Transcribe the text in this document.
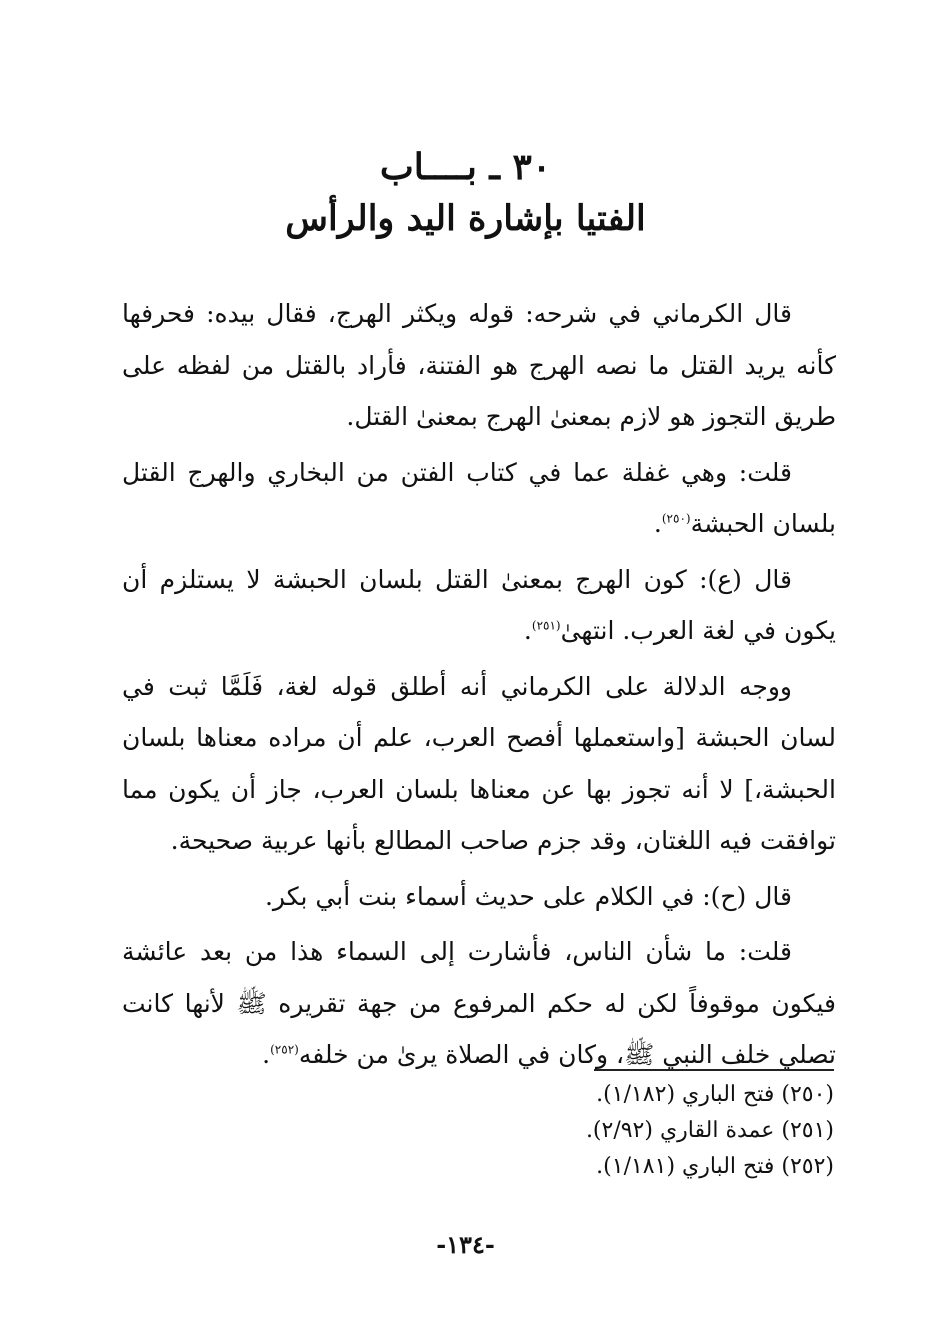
٣٠ ـ بــــاب
الفتيا بإشارة اليد والرأس

قال الكرماني في شرحه: قوله ويكثر الهرج، فقال بيده: فحرفها كأنه يريد القتل ما نصه الهرج هو الفتنة، فأراد بالقتل من لفظه على طريق التجوز هو لازم بمعنىٰ الهرج بمعنىٰ القتل.

قلت: وهي غفلة عما في كتاب الفتن من البخاري والهرج القتل بلسان الحبشة$^{(٢٥٠)}$.

قال (ع): كون الهرج بمعنىٰ القتل بلسان الحبشة لا يستلزم أن يكون في لغة العرب. انتهىٰ$^{(٢٥١)}$.

ووجه الدلالة على الكرماني أنه أطلق قوله لغة، فَلَمَّا ثبت في لسان الحبشة [واستعملها أفصح العرب، علم أن مراده معناها بلسان الحبشة،] لا أنه تجوز بها عن معناها بلسان العرب، جاز أن يكون مما توافقت فيه اللغتان، وقد جزم صاحب المطالع بأنها عربية صحيحة.

قال (ح): في الكلام على حديث أسماء بنت أبي بكر.

قلت: ما شأن الناس، فأشارت إلى السماء هذا من بعد عائشة فيكون موقوفاً لكن له حكم المرفوع من جهة تقريره ﷺ لأنها كانت تصلي خلف النبي ﷺ، وكان في الصلاة يرىٰ من خلفه$^{(٢٥٢)}$.

(٢٥٠) فتح الباري (١/١٨٢).

(٢٥١) عمدة القاري (٢/٩٢).

(٢٥٢) فتح الباري (١/١٨١).

-١٣٤-
